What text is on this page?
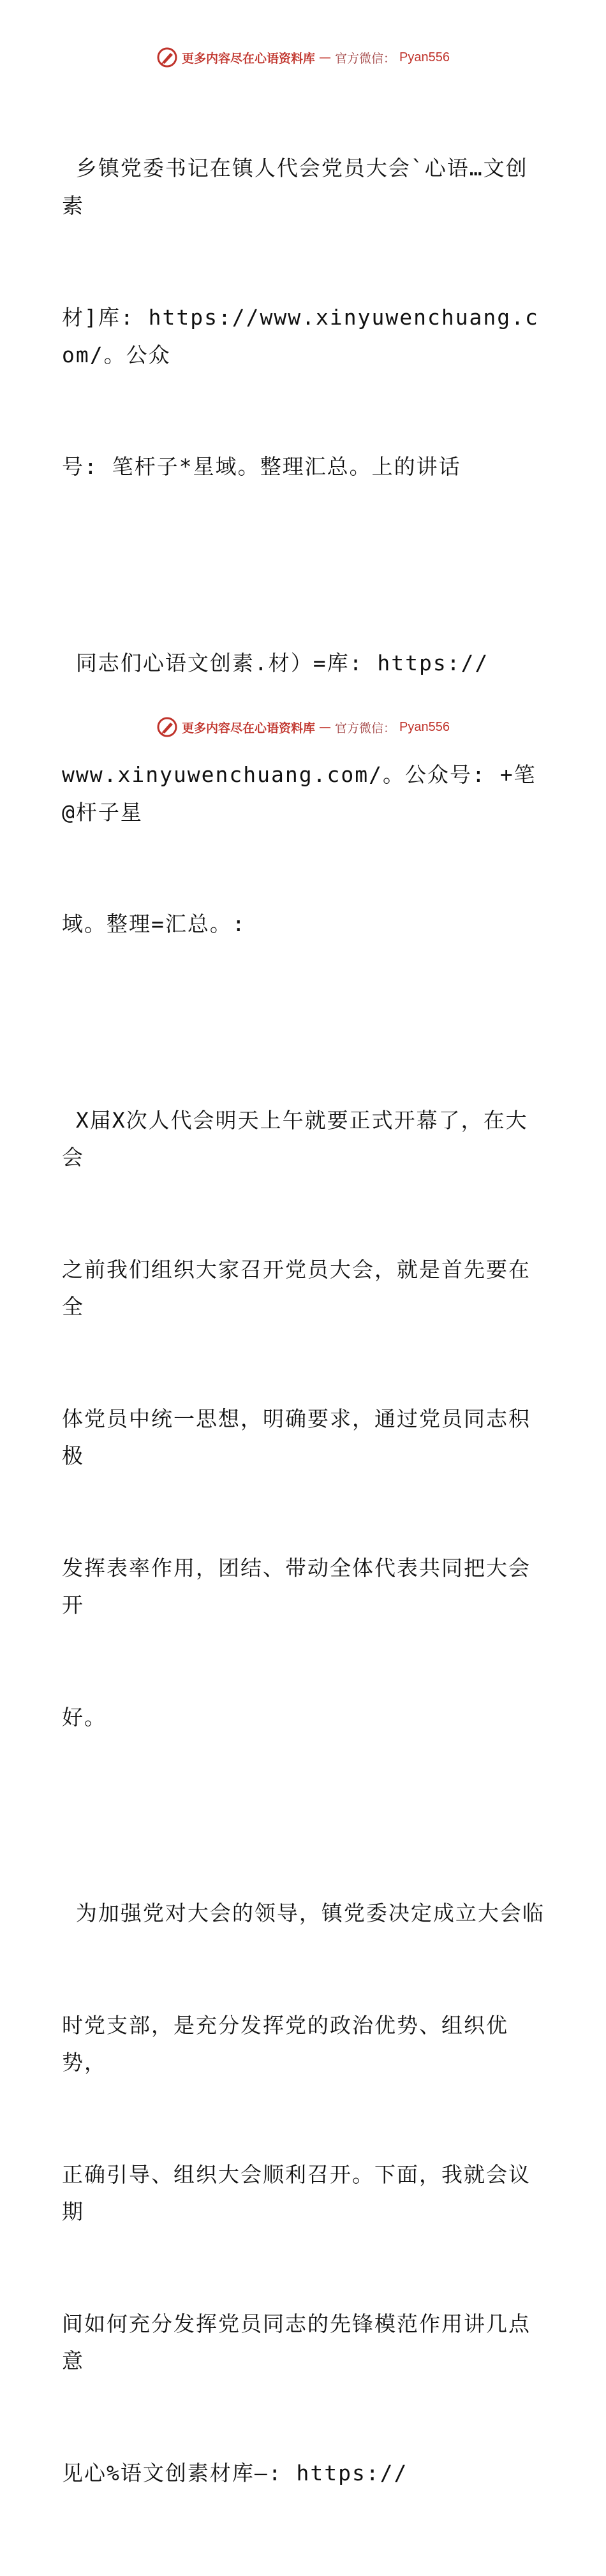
更多内容尽在心语资料库 — 官方微信： Pyan556

乡镇党委书记在镇人代会党员大会`心语…文创素

材]库: https://www.xinyuwenchuang.com/。公众

号: 笔杆子*星域。整理汇总。上的讲话

同志们心语文创素.材）=库: https://

www.xinyuwenchuang.com/。公众号: +笔@杆子星

域。整理=汇总。:

X届X次人代会明天上午就要正式开幕了，在大会

之前我们组织大家召开党员大会，就是首先要在全

体党员中统一思想，明确要求，通过党员同志积极

发挥表率作用，团结、带动全体代表共同把大会开

好。

为加强党对大会的领导，镇党委决定成立大会临

时党支部，是充分发挥党的政治优势、组织优势，

正确引导、组织大会顺利召开。下面，我就会议期

间如何充分发挥党员同志的先锋模范作用讲几点意

见心%语文创素材库—: https://

更多内容尽在心语资料库 — 官方微信： Pyan556
